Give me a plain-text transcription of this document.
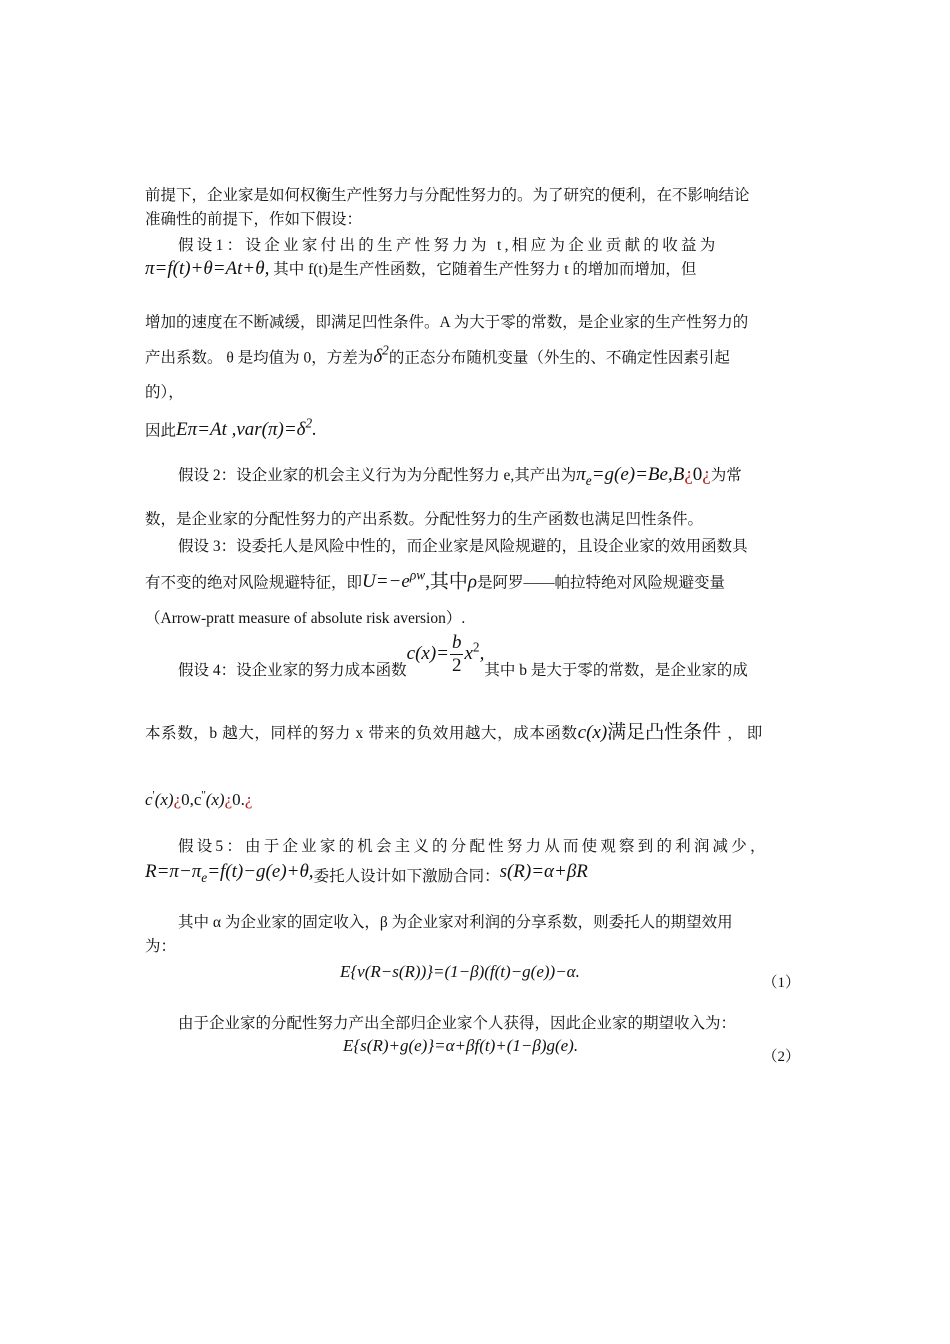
前提下，企业家是如何权衡生产性努力与分配性努力的。为了研究的便利，在不影响结论
准确性的前提下，作如下假设：
假设1：设企业家付出的生产性努力为 t,相应为企业贡献的收益为
π=f(t)+θ=At+θ, 其中 f(t)是生产性函数，它随着生产性努力 t 的增加而增加，但
增加的速度在不断减缓，即满足凹性条件。A 为大于零的常数，是企业家的生产性努力的
产出系数。 θ 是均值为 0，方差为$\delta^2$的正态分布随机变量（外生的、不确定性因素引起
的），
因此Eπ=At $,var(\pi)=\delta^2$.
假设 2：设企业家的机会主义行为为分配性努力 e,其产出为$\pi_e=g(e)=Be,B¿0¿$为常
数，是企业家的分配性努力的产出系数。分配性努力的生产函数也满足凹性条件。
假设 3：设委托人是风险中性的，而企业家是风险规避的，且设企业家的效用函数具
有不变的绝对风险规避特征，即$U=-e^{\rho w}$,其中ρ是阿罗——帕拉特绝对风险规避变量
（Arrow-pratt measure of absolute risk aversion）.
假设 4：设企业家的努力成本函数$c(x)= \frac{b}{2} x^2$,其中 b 是大于零的常数，是企业家的成
本系数，b 越大，同样的努力 x 带来的负效用越大，成本函数c(x)满足凸性条件 ，即
c'(x)¿0,c''(x)¿0.¿
假设5：由于企业家的机会主义的分配性努力从而使观察到的利润减少，
$R=\pi-\pi_e=f(t)-g(e)+\theta$,委托人设计如下激励合同：s(R)=α+βR
其中 α 为企业家的固定收入，β 为企业家对利润的分享系数，则委托人的期望效用
为：
E{v(R−s(R))}=(1−β)(f(t)−g(e))−α.
（1）
由于企业家的分配性努力产出全部归企业家个人获得，因此企业家的期望收入为：
E{s(R)+g(e)}=α+βf(t)+(1−β)g(e).
（2）
